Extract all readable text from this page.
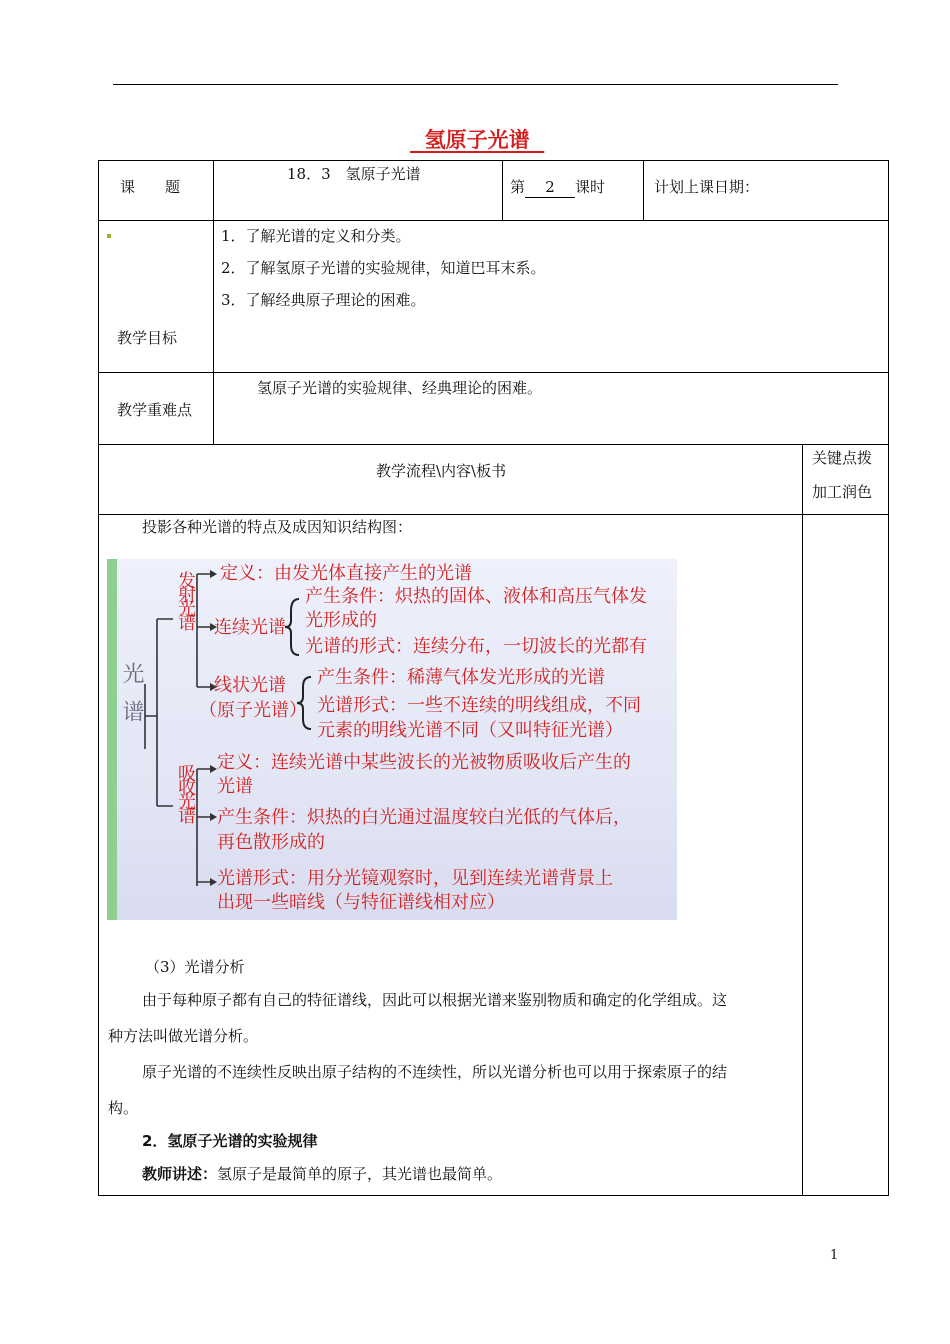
氢原子光谱
课　　题
18．3　氢原子光谱
第 2 课时	计划上课日期：
1．了解光谱的定义和分类。
2．了解氢原子光谱的实验规律，知道巴耳末系。
3．了解经典原子理论的困难。
教学目标
氢原子光谱的实验规律、经典理论的困难。
教学重难点
教学流程\内容\板书
关键点拨
加工润色
投影各种光谱的特点及成因知识结构图：
光谱
发射光谱
吸收光谱
定义：由发光体直接产生的光谱
连续光谱
产生条件：炽热的固体、液体和高压气体发
光形成的
光谱的形式：连续分布，一切波长的光都有
线状光谱
（原子光谱）
产生条件：稀薄气体发光形成的光谱
光谱形式：一些不连续的明线组成，不同
元素的明线光谱不同（又叫特征光谱）
定义：连续光谱中某些波长的光被物质吸收后产生的
光谱
产生条件：炽热的白光通过温度较白光低的气体后，
再色散形成的
光谱形式：用分光镜观察时，见到连续光谱背景上
出现一些暗线（与特征谱线相对应）
（3）光谱分析
由于每种原子都有自己的特征谱线，因此可以根据光谱来鉴别物质和确定的化学组成。这
种方法叫做光谱分析。
原子光谱的不连续性反映出原子结构的不连续性，所以光谱分析也可以用于探索原子的结
构。
2．氢原子光谱的实验规律
教师讲述：氢原子是最简单的原子，其光谱也最简单。
1
